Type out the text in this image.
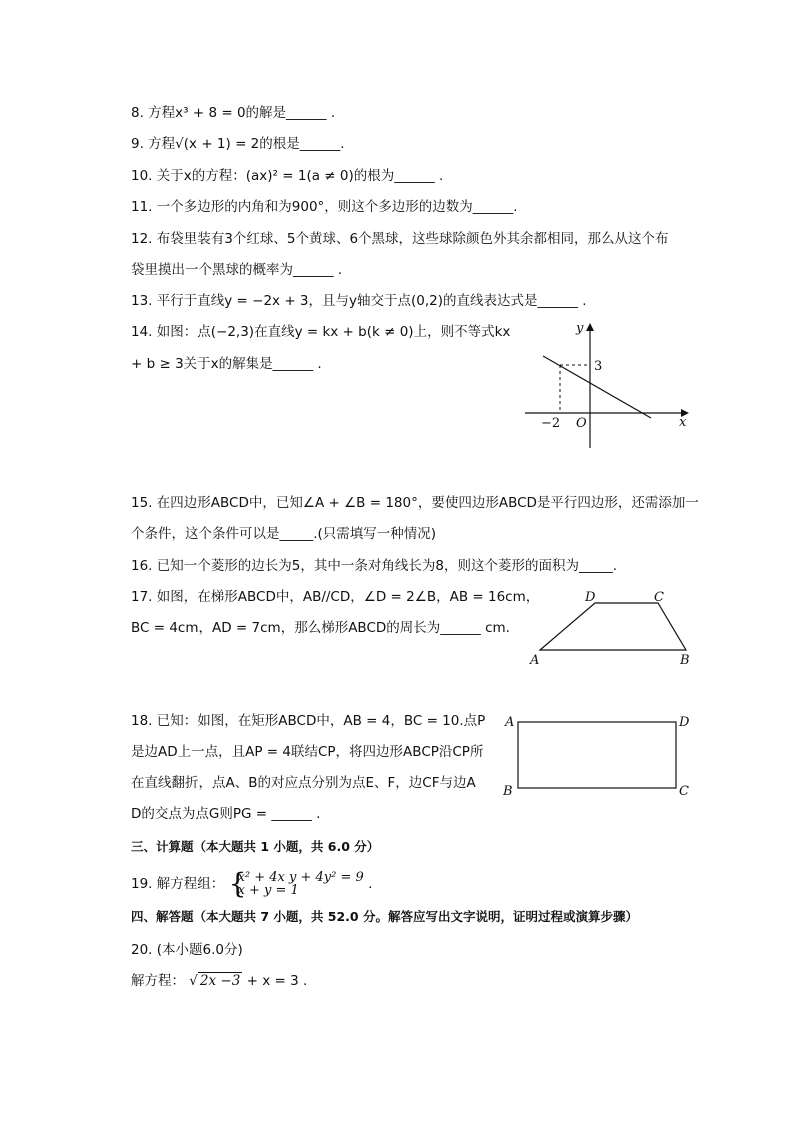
8. 方程x³ + 8 = 0的解是______ .
9. 方程√(x + 1) = 2的根是______.
10. 关于x的方程：(ax)² = 1(a ≠ 0)的根为______ .
11. 一个多边形的内角和为900°，则这个多边形的边数为______.
12. 布袋里装有3个红球、5个黄球、6个黑球，这些球除颜色外其余都相同，那么从这个布
袋里摸出一个黑球的概率为______ .
13. 平行于直线y = −2x + 3，且与y轴交于点(0,2)的直线表达式是______ .
14. 如图：点(−2,3)在直线y = kx + b(k ≠ 0)上，则不等式kx
+ b ≥ 3关于x的解集是______ .
y
x
O
3
−2
15. 在四边形ABCD中，已知∠A + ∠B = 180°，要使四边形ABCD是平行四边形，还需添加一
个条件，这个条件可以是_____.(只需填写一种情况)
16. 已知一个菱形的边长为5，其中一条对角线长为8，则这个菱形的面积为_____.
17. 如图，在梯形ABCD中，AB//CD，∠D = 2∠B，AB = 16cm，
BC = 4cm，AD = 7cm，那么梯形ABCD的周长为______ cm.
A	B
C
D
18. 已知：如图，在矩形ABCD中，AB = 4，BC = 10.点P
是边AD上一点，且AP = 4联结CP，将四边形ABCP沿CP所
在直线翻折，点A、B的对应点分别为点E、F，边CF与边A
D的交点为点G则PG = ______ .
A	D
B	C
三、计算题（本大题共 1 小题，共 6.0 分）
19. 解方程组： {
x² + 4x y + 4y² = 9
x + y = 1	.
四、解答题（本大题共 7 小题，共 52.0 分。解答应写出文字说明，证明过程或演算步骤）
20. (本小题6.0分)
解方程： √ 2x −3 + x = 3 .
